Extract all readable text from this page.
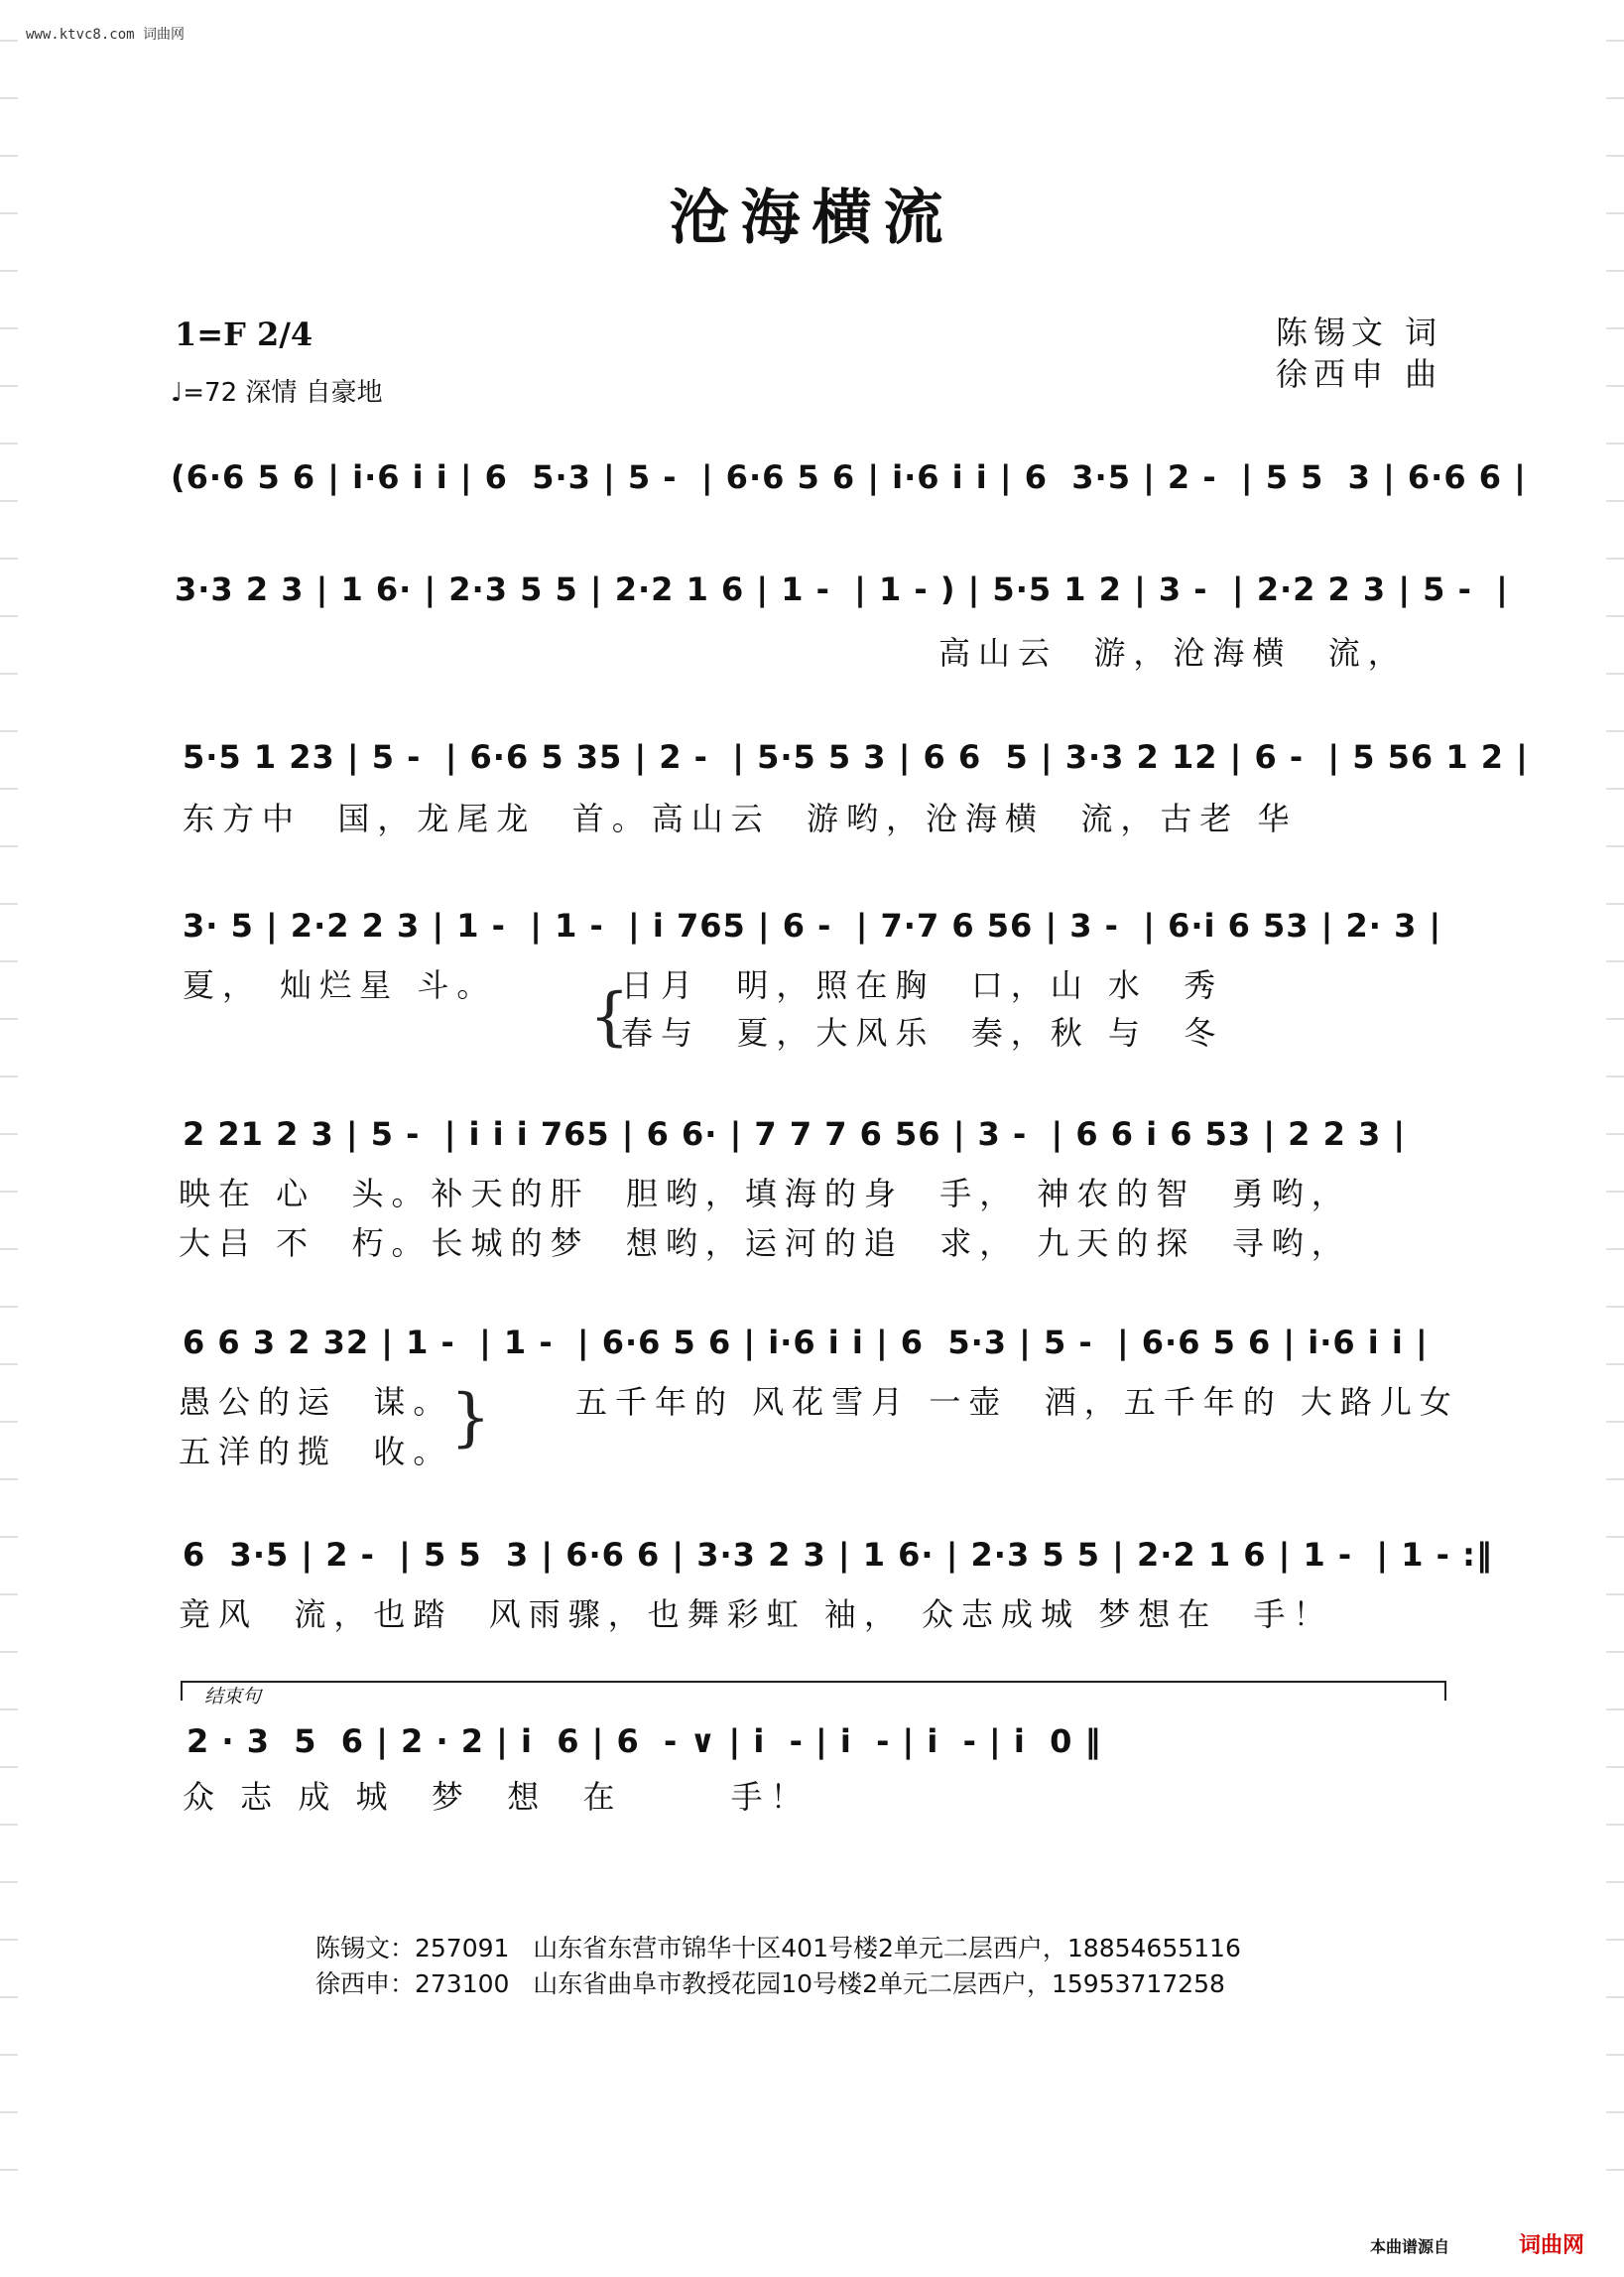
www.ktvc8.com 词曲网
沧海横流
1=F 2/4
♩=72 深情 自豪地
陈锡文 词
徐西申 曲
(6·6 5 6 | i·6 i i | 6  5·3 | 5 -  | 6·6 5 6 | i·6 i i | 6  3·5 | 2 -  | 5 5  3 | 6·6 6 |
3·3 2 3 | 1 6· | 2·3 5 5 | 2·2 1 6 | 1 -  | 1 - ) | 5·5 1 2 | 3 -  | 2·2 2 3 | 5 -  |
高山云  游，沧海横  流，
5·5 1 23 | 5 -  | 6·6 5 35 | 2 -  | 5·5 5 3 | 6 6  5 | 3·3 2 12 | 6 -  | 5 56 1 2 |
东方中  国，龙尾龙  首。高山云  游哟，沧海横  流，古老 华
3· 5 | 2·2 2 3 | 1 -  | 1 -  | i 765 | 6 -  | 7·7 6 56 | 3 -  | 6·i 6 53 | 2· 3 |
夏， 灿烂星 斗。 {
日月  明，照在胸  口，山 水  秀
春与  夏，大风乐  奏，秋 与  冬
2 21 2 3 | 5 -  | i i i 765 | 6 6· | 7 7 7 6 56 | 3 -  | 6 6 i 6 53 | 2 2 3 |
映在 心  头。补天的肝  胆哟，填海的身  手， 神农的智  勇哟，
大吕 不  朽。长城的梦  想哟，运河的追  求， 九天的探  寻哟，
6 6 3 2 32 | 1 -  | 1 -  | 6·6 5 6 | i·6 i i | 6  5·3 | 5 -  | 6·6 5 6 | i·6 i i |
愚公的运  谋。
五洋的揽  收。
}	五千年的 风花雪月 一壶  酒，五千年的 大路儿女
6  3·5 | 2 -  | 5 5  3 | 6·6 6 | 3·3 2 3 | 1 6· | 2·3 5 5 | 2·2 1 6 | 1 -  | 1 - :‖
竟风  流，也踏  风雨骤，也舞彩虹 袖， 众志成城 梦想在  手！
结束句
2 · 3  5  6 | 2 · 2 | i  6 | 6  - ∨ | i  - | i  - | i  - | i  0 ‖
众 志 成 城  梦  想  在      手！
陈锡文：257091   山东省东营市锦华十区401号楼2单元二层西户，18854655116
徐西申：273100   山东省曲阜市教授花园10号楼2单元二层西户，15953717258
本曲谱源自	词曲网
